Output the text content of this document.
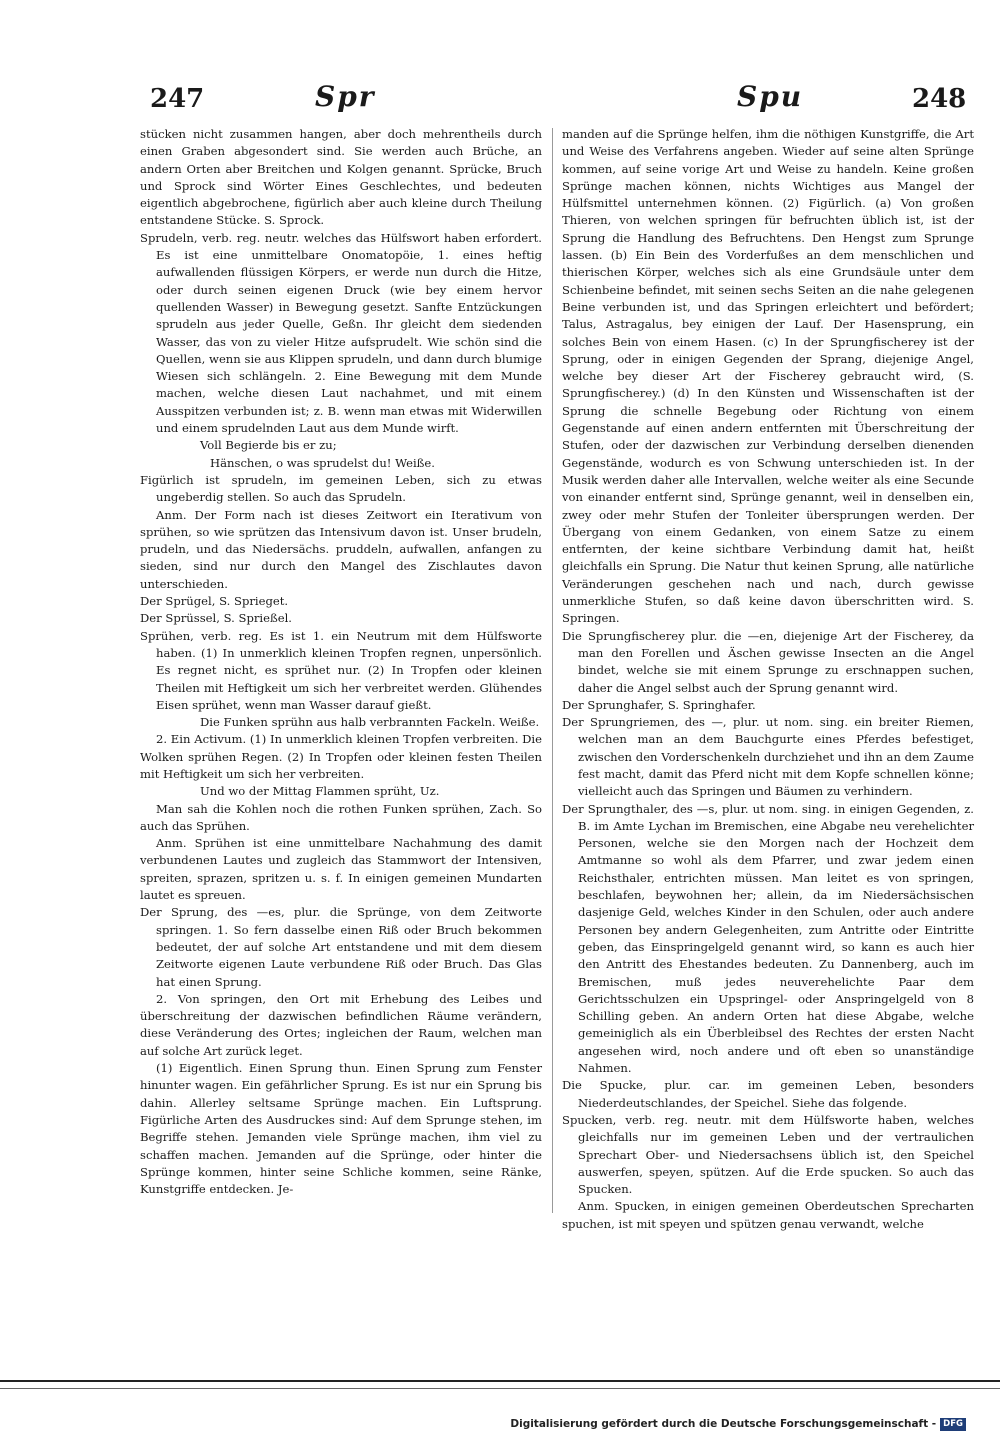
247	Spr	Spu	248

stücken nicht zusammen hangen, aber doch mehrentheils durch einen Graben abgesondert sind. Sie werden auch Brüche, an andern Orten aber Breitchen und Kolgen genannt. Sprücke, Bruch und Sprock sind Wörter Eines Geschlechtes, und bedeuten eigentlich abgebrochene, figürlich aber auch kleine durch Theilung entstandene Stücke. S. Sprock.

Sprudeln, verb. reg. neutr. welches das Hülfswort haben erfordert. Es ist eine unmittelbare Onomatopöie, 1. eines heftig aufwallenden flüssigen Körpers, er werde nun durch die Hitze, oder durch seinen eigenen Druck (wie bey einem hervor quellenden Wasser) in Bewegung gesetzt. Sanfte Entzückungen sprudeln aus jeder Quelle, Geßn. Ihr gleicht dem siedenden Wasser, das von zu vieler Hitze aufsprudelt. Wie schön sind die Quellen, wenn sie aus Klippen sprudeln, und dann durch blumige Wiesen sich schlängeln. 2. Eine Bewegung mit dem Munde machen, welche diesen Laut nachahmet, und mit einem Ausspitzen verbunden ist; z. B. wenn man etwas mit Widerwillen und einem sprudelnden Laut aus dem Munde wirft.

Voll Begierde bis er zu;

Hänschen, o was sprudelst du! Weiße.

Figürlich ist sprudeln, im gemeinen Leben, sich zu etwas ungeberdig stellen. So auch das Sprudeln.

Anm. Der Form nach ist dieses Zeitwort ein Iterativum von sprühen, so wie sprützen das Intensivum davon ist. Unser brudeln, prudeln, und das Niedersächs. pruddeln, aufwallen, anfangen zu sieden, sind nur durch den Mangel des Zischlautes davon unterschieden.

Der Sprügel, S. Sprieget.

Der Sprüssel, S. Sprießel.

Sprühen, verb. reg. Es ist 1. ein Neutrum mit dem Hülfsworte haben. (1) In unmerklich kleinen Tropfen regnen, unpersönlich. Es regnet nicht, es sprühet nur. (2) In Tropfen oder kleinen Theilen mit Heftigkeit um sich her verbreitet werden. Glühendes Eisen sprühet, wenn man Wasser darauf gießt.

Die Funken sprühn aus halb verbrannten Fackeln. Weiße.

2. Ein Activum. (1) In unmerklich kleinen Tropfen verbreiten. Die Wolken sprühen Regen. (2) In Tropfen oder kleinen festen Theilen mit Heftigkeit um sich her verbreiten.

Und wo der Mittag Flammen sprüht, Uz.

Man sah die Kohlen noch die rothen Funken sprühen, Zach. So auch das Sprühen.

Anm. Sprühen ist eine unmittelbare Nachahmung des damit verbundenen Lautes und zugleich das Stammwort der Intensiven, spreiten, sprazen, spritzen u. s. f. In einigen gemeinen Mundarten lautet es spreuen.

Der Sprung, des —es, plur. die Sprünge, von dem Zeitworte springen. 1. So fern dasselbe einen Riß oder Bruch bekommen bedeutet, der auf solche Art entstandene und mit dem diesem Zeitworte eigenen Laute verbundene Riß oder Bruch. Das Glas hat einen Sprung.

2. Von springen, den Ort mit Erhebung des Leibes und überschreitung der dazwischen befindlichen Räume verändern, diese Veränderung des Ortes; ingleichen der Raum, welchen man auf solche Art zurück leget.

(1) Eigentlich. Einen Sprung thun. Einen Sprung zum Fenster hinunter wagen. Ein gefährlicher Sprung. Es ist nur ein Sprung bis dahin. Allerley seltsame Sprünge machen. Ein Luftsprung. Figürliche Arten des Ausdruckes sind: Auf dem Sprunge stehen, im Begriffe stehen. Jemanden viele Sprünge machen, ihm viel zu schaffen machen. Jemanden auf die Sprünge, oder hinter die Sprünge kommen, hinter seine Schliche kommen, seine Ränke, Kunstgriffe entdecken. Je-

manden auf die Sprünge helfen, ihm die nöthigen Kunstgriffe, die Art und Weise des Verfahrens angeben. Wieder auf seine alten Sprünge kommen, auf seine vorige Art und Weise zu handeln. Keine großen Sprünge machen können, nichts Wichtiges aus Mangel der Hülfsmittel unternehmen können. (2) Figürlich. (a) Von großen Thieren, von welchen springen für befruchten üblich ist, ist der Sprung die Handlung des Befruchtens. Den Hengst zum Sprunge lassen. (b) Ein Bein des Vorderfußes an dem menschlichen und thierischen Körper, welches sich als eine Grundsäule unter dem Schienbeine befindet, mit seinen sechs Seiten an die nahe gelegenen Beine verbunden ist, und das Springen erleichtert und befördert; Talus, Astragalus, bey einigen der Lauf. Der Hasensprung, ein solches Bein von einem Hasen. (c) In der Sprungfischerey ist der Sprung, oder in einigen Gegenden der Sprang, diejenige Angel, welche bey dieser Art der Fischerey gebraucht wird, (S. Sprungfischerey.) (d) In den Künsten und Wissenschaften ist der Sprung die schnelle Begebung oder Richtung von einem Gegenstande auf einen andern entfernten mit Überschreitung der Stufen, oder der dazwischen zur Verbindung derselben dienenden Gegenstände, wodurch es von Schwung unterschieden ist. In der Musik werden daher alle Intervallen, welche weiter als eine Secunde von einander entfernt sind, Sprünge genannt, weil in denselben ein, zwey oder mehr Stufen der Tonleiter übersprungen werden. Der Übergang von einem Gedanken, von einem Satze zu einem entfernten, der keine sichtbare Verbindung damit hat, heißt gleichfalls ein Sprung. Die Natur thut keinen Sprung, alle natürliche Veränderungen geschehen nach und nach, durch gewisse unmerkliche Stufen, so daß keine davon überschritten wird. S. Springen.

Die Sprungfischerey plur. die —en, diejenige Art der Fischerey, da man den Forellen und Äschen gewisse Insecten an die Angel bindet, welche sie mit einem Sprunge zu erschnappen suchen, daher die Angel selbst auch der Sprung genannt wird.

Der Sprunghafer, S. Springhafer.

Der Sprungriemen, des —, plur. ut nom. sing. ein breiter Riemen, welchen man an dem Bauchgurte eines Pferdes befestiget, zwischen den Vorderschenkeln durchziehet und ihn an dem Zaume fest macht, damit das Pferd nicht mit dem Kopfe schnellen könne; vielleicht auch das Springen und Bäumen zu verhindern.

Der Sprungthaler, des —s, plur. ut nom. sing. in einigen Gegenden, z. B. im Amte Lychan im Bremischen, eine Abgabe neu verehelichter Personen, welche sie den Morgen nach der Hochzeit dem Amtmanne so wohl als dem Pfarrer, und zwar jedem einen Reichsthaler, entrichten müssen. Man leitet es von springen, beschlafen, beywohnen her; allein, da im Niedersächsischen dasjenige Geld, welches Kinder in den Schulen, oder auch andere Personen bey andern Gelegenheiten, zum Antritte oder Eintritte geben, das Einspringelgeld genannt wird, so kann es auch hier den Antritt des Ehestandes bedeuten. Zu Dannenberg, auch im Bremischen, muß jedes neuverehelichte Paar dem Gerichtsschulzen ein Upspringel- oder Anspringelgeld von 8 Schilling geben. An andern Orten hat diese Abgabe, welche gemeiniglich als ein Überbleibsel des Rechtes der ersten Nacht angesehen wird, noch andere und oft eben so unanständige Nahmen.

Die Spucke, plur. car. im gemeinen Leben, besonders Niederdeutschlandes, der Speichel. Siehe das folgende.

Spucken, verb. reg. neutr. mit dem Hülfsworte haben, welches gleichfalls nur im gemeinen Leben und der vertraulichen Sprechart Ober- und Niedersachsens üblich ist, den Speichel auswerfen, speyen, spützen. Auf die Erde spucken. So auch das Spucken.

Anm. Spucken, in einigen gemeinen Oberdeutschen Sprecharten spuchen, ist mit speyen und spützen genau verwandt, welche

Digitalisierung gefördert durch die Deutsche Forschungsgemeinschaft - DFG
